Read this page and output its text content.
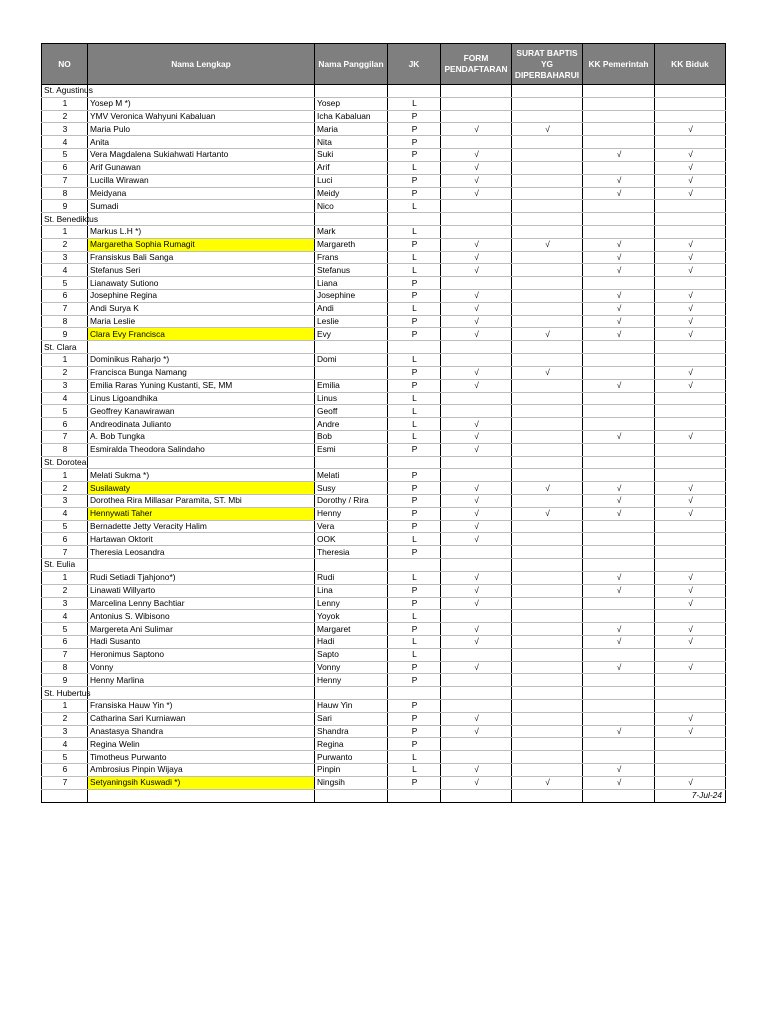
NO	Nama Lengkap	Nama Panggilan	JK	FORM PENDAFTARAN	SURAT BAPTIS YG DIPERBAHARUI	KK Pemerintah	KK Biduk
St. Agustinus							
1	Yosep M *)	Yosep	L				
2	YMV Veronica Wahyuni Kabaluan	Icha Kabaluan	P				
3	Maria Pulo	Maria	P	√	√		√
4	Anita	Nita	P				
5	Vera Magdalena Sukiahwati Hartanto	Suki	P	√		√	√
6	Arif Gunawan	Arif	L	√			√
7	Lucilla Wirawan	Luci	P	√		√	√
8	Meidyana	Meidy	P	√		√	√
9	Sumadi	Nico	L				
St. Benediktus							
1	Markus L.H *)	Mark	L				
2	Margaretha Sophia Rumagit	Margareth	P	√	√	√	√
3	Fransiskus Bali Sanga	Frans	L	√		√	√
4	Stefanus Seri	Stefanus	L	√		√	√
5	Lianawaty Sutiono	Liana	P				
6	Josephine Regina	Josephine	P	√		√	√
7	Andi Surya K	Andi	L	√		√	√
8	Maria Leslie	Leslie	P	√		√	√
9	Clara Evy Francisca	Evy	P	√	√	√	√
St. Clara							
1	Dominikus Raharjo *)	Domi	L				
2	Francisca Bunga Namang		P	√	√		√
3	Emilia Raras Yuning Kustanti, SE, MM	Emilia	P	√		√	√
4	Linus Ligoandhika	Linus	L				
5	Geoffrey Kanawirawan	Geoff	L				
6	Andreodinata Julianto	Andre	L	√			
7	A. Bob Tungka	Bob	L	√		√	√
8	Esmiralda Theodora Salindaho	Esmi	P	√			
St. Dorotea							
1	Melati Sukma *)	Melati	P				
2	Susilawaty	Susy	P	√	√	√	√
3	Dorothea Rira Millasar Paramita, ST. Mbi	Dorothy / Rira	P	√		√	√
4	Hennywati Taher	Henny	P	√	√	√	√
5	Bernadette Jetty Veracity Halim	Vera	P	√			
6	Hartawan Oktorit	OOK	L	√			
7	Theresia Leosandra	Theresia	P				
St. Eulia							
1	Rudi Setiadi Tjahjono*)	Rudi	L	√		√	√
2	Linawati Willyarto	Lina	P	√		√	√
3	Marcelina Lenny Bachtiar	Lenny	P	√			√
4	Antonius S. Wibisono	Yoyok	L				
5	Margereta Ani Sulimar	Margaret	P	√		√	√
6	Hadi Susanto	Hadi	L	√		√	√
7	Heronimus Saptono	Sapto	L				
8	Vonny	Vonny	P	√		√	√
9	Henny Marlina	Henny	P				
St. Hubertus							
1	Fransiska Hauw Yin *)	Hauw Yin	P				
2	Catharina Sari Kurniawan	Sari	P	√			√
3	Anastasya Shandra	Shandra	P	√		√	√
4	Regina Welin	Regina	P				
5	Timotheus Purwanto	Purwanto	L				
6	Ambrosius Pinpin Wijaya	Pinpin	L	√		√	
7	Setyaningsih Kuswadi *)	Ningsih	P	√	√	√	√
							7-Jul-24
